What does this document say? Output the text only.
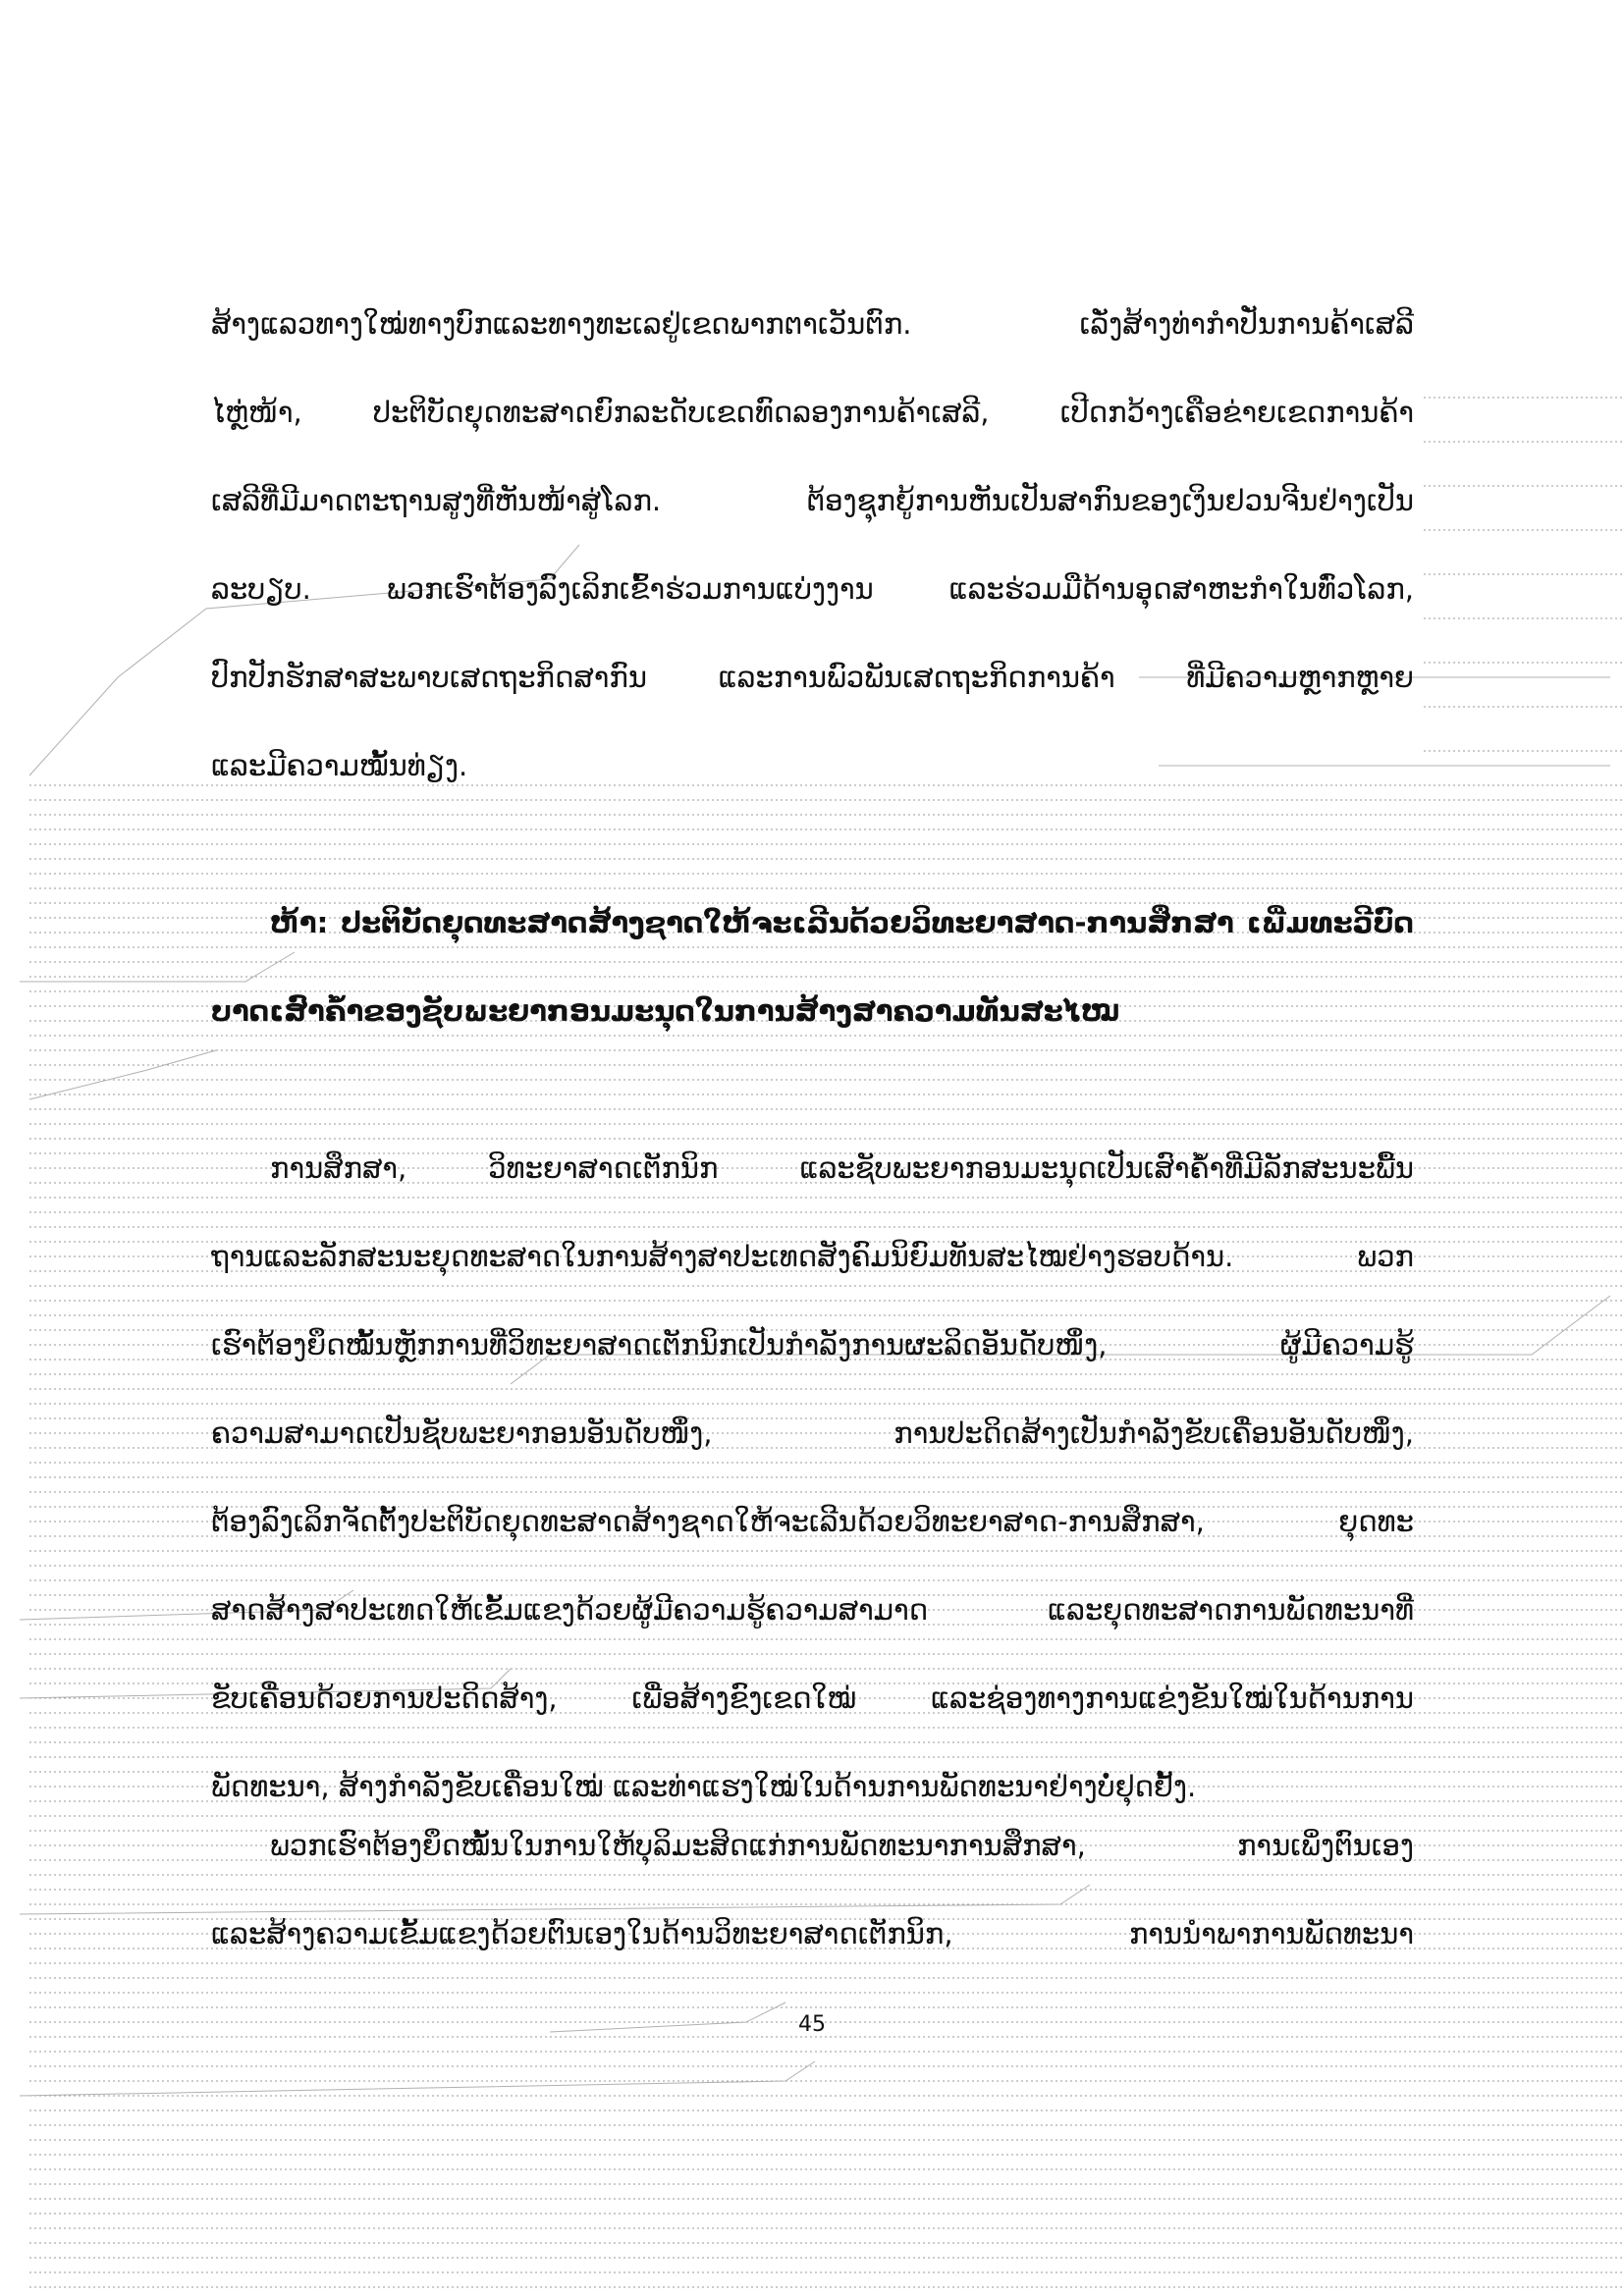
ສ້າງແລວທາງໃໝ່ທາງບົກແລະທາງທະເລຢູ່ເຂດພາກຕາເວັນຕົກ. ເລັ່ງສ້າງທ່າກຳປັ່ນການຄ້າເສລີ
ໄຫຼ່ໜ້າ, ປະຕິບັດຍຸດທະສາດຍົກລະດັບເຂດທົດລອງການຄ້າເສລີ, ເປີດກວ້າງເຄືອຂ່າຍເຂດການຄ້າ
ເສລີທີ່ມີມາດຕະຖານສູງທີ່ຫັນໜ້າສູ່ໂລກ. ຕ້ອງຊຸກຍູ້ການຫັນເປັນສາກົນຂອງເງິນຢວນຈີນຢ່າງເປັນ
ລະບຽບ. ພວກເຮົາຕ້ອງລົງເລິກເຂົ້າຮ່ວມການແບ່ງງານ ແລະຮ່ວມມືດ້ານອຸດສາຫະກຳໃນທົ່ວໂລກ,
ປົກປັກຮັກສາສະພາບເສດຖະກິດສາກົນ ແລະການພົວພັນເສດຖະກິດການຄ້າ ທີ່ມີຄວາມຫຼາກຫຼາຍ
ແລະມີຄວາມໝັ້ນທ່ຽງ.
ຫ້າ: ປະຕິບັດຍຸດທະສາດສ້າງຊາດໃຫ້ຈະເລີນດ້ວຍວິທະຍາສາດ-ການສຶກສາ ເພີ່ມທະວີບົດ
ບາດເສົາຄ້ຳຂອງຊັບພະຍາກອນມະນຸດໃນການສ້າງສາຄວາມທັນສະໄໝ
ການສຶກສາ, ວິທະຍາສາດເຕັກນິກ ແລະຊັບພະຍາກອນມະນຸດເປັນເສົາຄ້ຳທີ່ມີລັກສະນະພື້ນ
ຖານແລະລັກສະນະຍຸດທະສາດໃນການສ້າງສາປະເທດສັງຄົມນິຍົມທັນສະໄໝຢ່າງຮອບດ້ານ. ພວກ
ເຮົາຕ້ອງຍຶດໝັ້ນຫຼັກການທີ່ວິທະຍາສາດເຕັກນິກເປັນກຳລັງການຜະລິດອັນດັບໜຶ່ງ, ຜູ້ມີຄວາມຮູ້
ຄວາມສາມາດເປັນຊັບພະຍາກອນອັນດັບໜຶ່ງ, ການປະດິດສ້າງເປັນກຳລັງຂັບເຄື່ອນອັນດັບໜຶ່ງ,
ຕ້ອງລົງເລິກຈັດຕັ້ງປະຕິບັດຍຸດທະສາດສ້າງຊາດໃຫ້ຈະເລີນດ້ວຍວິທະຍາສາດ-ການສຶກສາ, ຍຸດທະ
ສາດສ້າງສາປະເທດໃຫ້ເຂັ້ມແຂງດ້ວຍຜູ້ມີຄວາມຮູ້ຄວາມສາມາດ ແລະຍຸດທະສາດການພັດທະນາທີ່
ຂັບເຄື່ອນດ້ວຍການປະດິດສ້າງ, ເພື່ອສ້າງຂົງເຂດໃໝ່ ແລະຊ່ອງທາງການແຂ່ງຂັນໃໝ່ໃນດ້ານການ
ພັດທະນາ, ສ້າງກຳລັງຂັບເຄື່ອນໃໝ່ ແລະທ່າແຮງໃໝ່ໃນດ້ານການພັດທະນາຢ່າງບໍ່ຢຸດຢັ້ງ.
ພວກເຮົາຕ້ອງຍຶດໝັ້ນໃນການໃຫ້ບຸລິມະສິດແກ່ການພັດທະນາການສຶກສາ, ການເພິ່ງຕົນເອງ
ແລະສ້າງຄວາມເຂັ້ມແຂງດ້ວຍຕົນເອງໃນດ້ານວິທະຍາສາດເຕັກນິກ, ການນຳພາການພັດທະນາ
45
